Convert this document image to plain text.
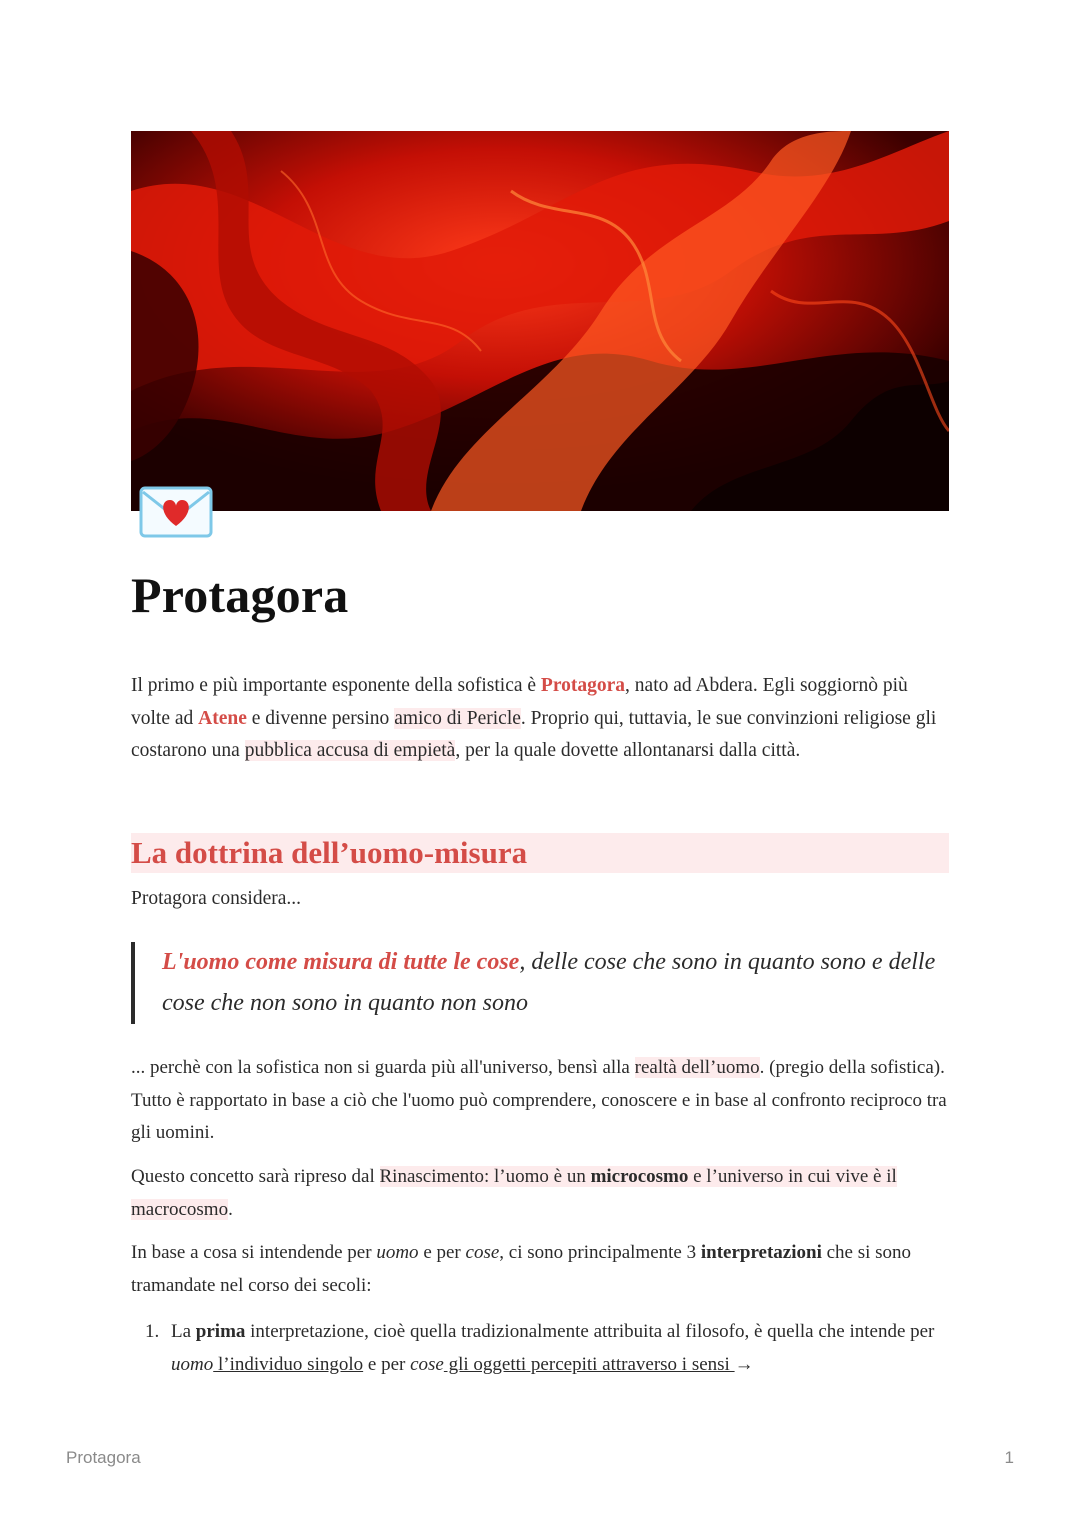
Protagora

Il primo e più importante esponente della sofistica è Protagora, nato ad Abdera. Egli soggiornò più volte ad Atene e divenne persino amico di Pericle. Proprio qui, tuttavia, le sue convinzioni religiose gli costarono una pubblica accusa di empietà, per la quale dovette allontanarsi dalla città.

La dottrina dell’uomo-misura

Protagora considera...

L'uomo come misura di tutte le cose, delle cose che sono in quanto sono e delle cose che non sono in quanto non sono

... perchè con la sofistica non si guarda più all'universo, bensì alla realtà dell’uomo. (pregio della sofistica). Tutto è rapportato in base a ciò che l'uomo può comprendere, conoscere e in base al confronto reciproco tra gli uomini.

Questo concetto sarà ripreso dal Rinascimento: l’uomo è un microcosmo e l’universo in cui vive è il macrocosmo.

In base a cosa si intendende per uomo e per cose, ci sono principalmente 3 interpretazioni che si sono tramandate nel corso dei secoli:

1. La prima interpretazione, cioè quella tradizionalmente attribuita al filosofo, è quella che intende per uomo l’individuo singolo e per cose gli oggetti percepiti attraverso i sensi →
Protagora	1
